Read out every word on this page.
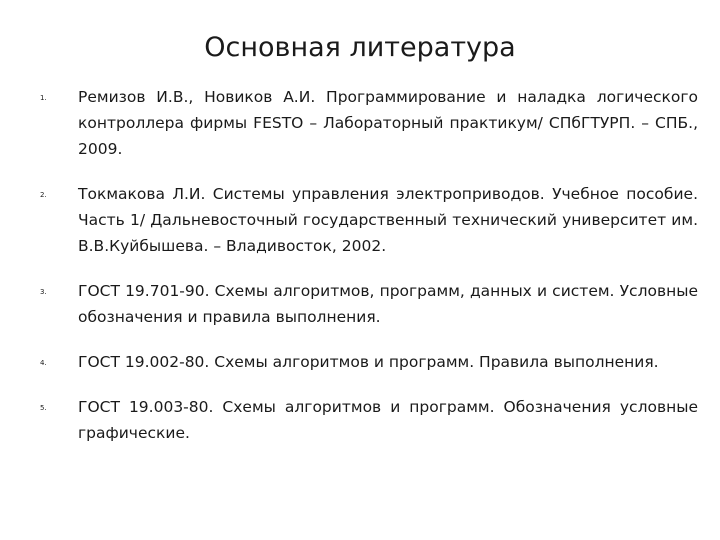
Основная литература
1. Ремизов И.В., Новиков А.И. Программирование и наладка логического контроллера фирмы FESTO – Лабораторный практикум/ СПбГТУРП. – СПБ., 2009.
2. Токмакова Л.И. Системы управления электроприводов. Учебное пособие. Часть 1/ Дальневосточный государственный технический университет им. В.В.Куйбышева. – Владивосток, 2002.
3. ГОСТ 19.701-90. Схемы алгоритмов, программ, данных и систем. Условные обозначения и правила выполнения.
4. ГОСТ 19.002-80. Схемы алгоритмов и программ. Правила выполнения.
5. ГОСТ 19.003-80. Схемы алгоритмов и программ. Обозначения условные графические.
